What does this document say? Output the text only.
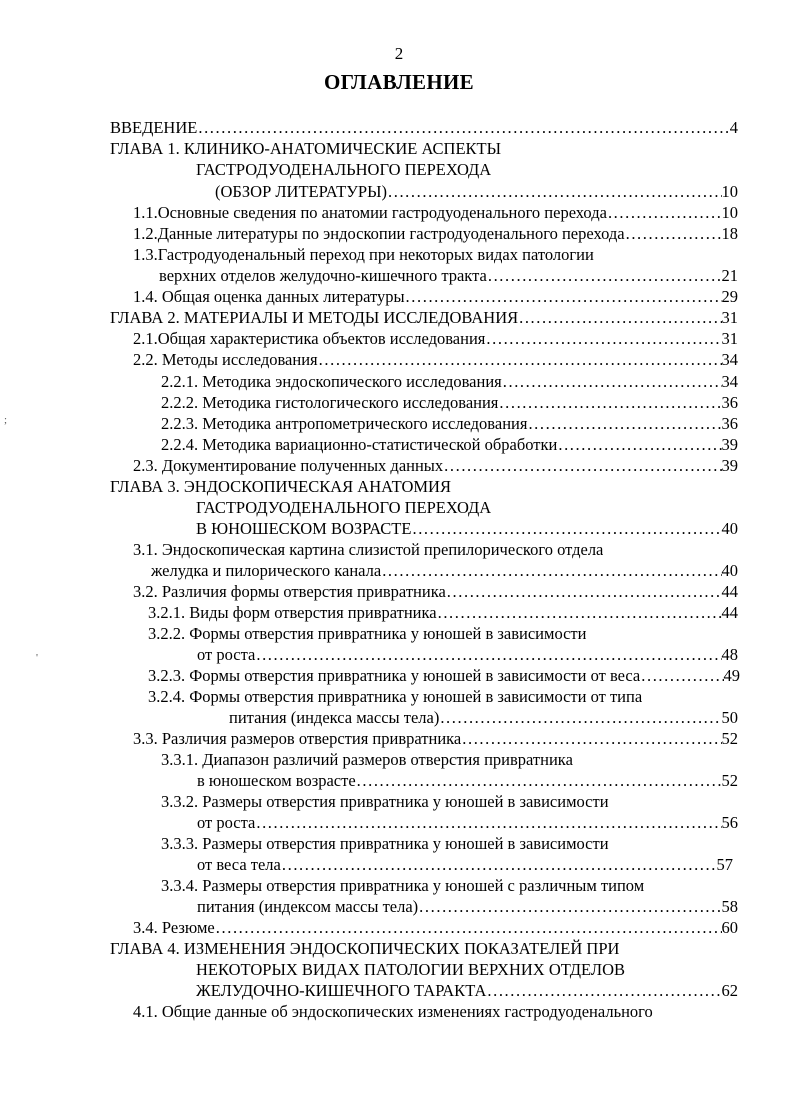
2
ОГЛАВЛЕНИЕ
;
'
ВВЕДЕНИЕ .....	4
ГЛАВА 1. КЛИНИКО-АНАТОМИЧЕСКИЕ АСПЕКТЫ
ГАСТРОДУОДЕНАЛЬНОГО ПЕРЕХОДА
(ОБЗОР ЛИТЕРАТУРЫ) .....	10
1.1.Основные сведения по анатомии гастродуоденального перехода .....	10
1.2.Данные литературы по эндоскопии гастродуоденального перехода .....	18
1.3.Гастродуоденальный переход при некоторых видах патологии
верхних отделов желудочно-кишечного тракта .....	21
1.4. Общая оценка данных литературы .....	29
ГЛАВА 2. МАТЕРИАЛЫ И МЕТОДЫ ИССЛЕДОВАНИЯ .....	31
2.1.Общая характеристика объектов исследования .....	31
2.2. Методы исследования .....	34
2.2.1. Методика эндоскопического исследования .....	34
2.2.2. Методика гистологического исследования .....	36
2.2.3. Методика антропометрического исследования .....	36
2.2.4. Методика вариационно-статистической обработки .....	39
2.3. Документирование полученных данных .....	39
ГЛАВА 3. ЭНДОСКОПИЧЕСКАЯ АНАТОМИЯ
ГАСТРОДУОДЕНАЛЬНОГО ПЕРЕХОДА
В ЮНОШЕСКОМ ВОЗРАСТЕ .....	40
3.1. Эндоскопическая картина слизистой препилорического отдела
желудка и пилорического канала .....	40
3.2. Различия формы отверстия привратника .....	44
3.2.1. Виды форм отверстия привратника .....	44
3.2.2. Формы отверстия привратника у юношей в зависимости
от роста .....	48
3.2.3. Формы отверстия привратника у юношей в зависимости от веса .....	49
3.2.4. Формы отверстия привратника у юношей в зависимости от типа
питания (индекса массы тела) .....	50
3.3. Различия размеров отверстия привратника .....	52
3.3.1. Диапазон различий размеров отверстия привратника
в юношеском возрасте .....	52
3.3.2. Размеры отверстия привратника у юношей в зависимости
от роста .....	56
3.3.3. Размеры отверстия привратника у юношей в зависимости
от веса тела .....	57
3.3.4. Размеры отверстия привратника у юношей с различным типом
питания (индексом массы тела) .....	58
3.4. Резюме .....	60
ГЛАВА 4. ИЗМЕНЕНИЯ ЭНДОСКОПИЧЕСКИХ ПОКАЗАТЕЛЕЙ ПРИ
НЕКОТОРЫХ ВИДАХ ПАТОЛОГИИ ВЕРХНИХ ОТДЕЛОВ
ЖЕЛУДОЧНО-КИШЕЧНОГО ТАРАКТА .....	62
4.1. Общие данные об эндоскопических изменениях гастродуоденального
